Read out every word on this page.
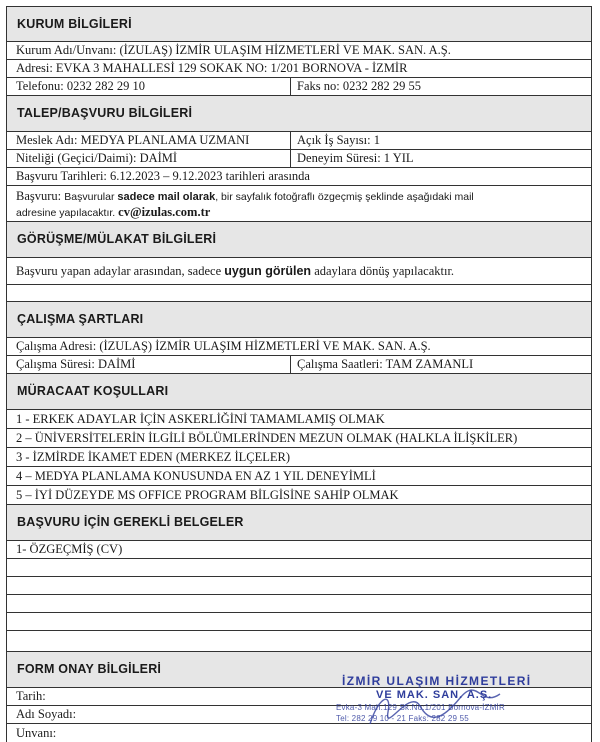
KURUM BİLGİLERİ
Kurum Adı/Unvanı: (İZULAŞ) İZMİR ULAŞIM HİZMETLERİ VE MAK. SAN. A.Ş.
Adresi: EVKA 3 MAHALLESİ 129 SOKAK NO: 1/201 BORNOVA - İZMİR
Telefonu: 0232 282 29 10	Faks no: 0232 282 29 55
TALEP/BAŞVURU BİLGİLERİ
Meslek Adı: MEDYA PLANLAMA UZMANI	Açık İş Sayısı: 1
Niteliği (Geçici/Daimi): DAİMİ	Deneyim Süresi: 1 YIL
Başvuru Tarihleri: 6.12.2023 – 9.12.2023 tarihleri arasında
Başvuru: Başvurular sadece mail olarak, bir sayfalık fotoğraflı özgeçmiş şeklinde aşağıdaki mail
adresine yapılacaktır. cv@izulas.com.tr
GÖRÜŞME/MÜLAKAT BİLGİLERİ
Başvuru yapan adaylar arasından, sadece uygun görülen adaylara dönüş yapılacaktır.
ÇALIŞMA ŞARTLARI
Çalışma Adresi: (İZULAŞ) İZMİR ULAŞIM HİZMETLERİ VE MAK. SAN. A.Ş.
Çalışma Süresi: DAİMİ	Çalışma Saatleri: TAM ZAMANLI
MÜRACAAT KOŞULLARI
1 - ERKEK ADAYLAR İÇİN ASKERLİĞİNİ TAMAMLAMIŞ OLMAK
2 – ÜNİVERSİTELERİN İLGİLİ BÖLÜMLERİNDEN MEZUN OLMAK (HALKLA İLİŞKİLER)
3 - İZMİRDE İKAMET EDEN (MERKEZ İLÇELER)
4 – MEDYA PLANLAMA KONUSUNDA EN AZ 1 YIL DENEYİMLİ
5 – İYİ DÜZEYDE MS OFFICE PROGRAM BİLGİSİNE SAHİP OLMAK
BAŞVURU İÇİN GEREKLİ BELGELER
1- ÖZGEÇMİŞ (CV)
FORM ONAY BİLGİLERİ
Tarih:
Adı Soyadı:
Unvanı:
İZMİR ULAŞIM HİZMETLERİ
VE MAK. SAN. A.Ş.
Evka-3 Mah.129 Sk.No:1/201 Bornova-İZMİR
Tel: 282 29 10 - 21 Faks: 282 29 55
